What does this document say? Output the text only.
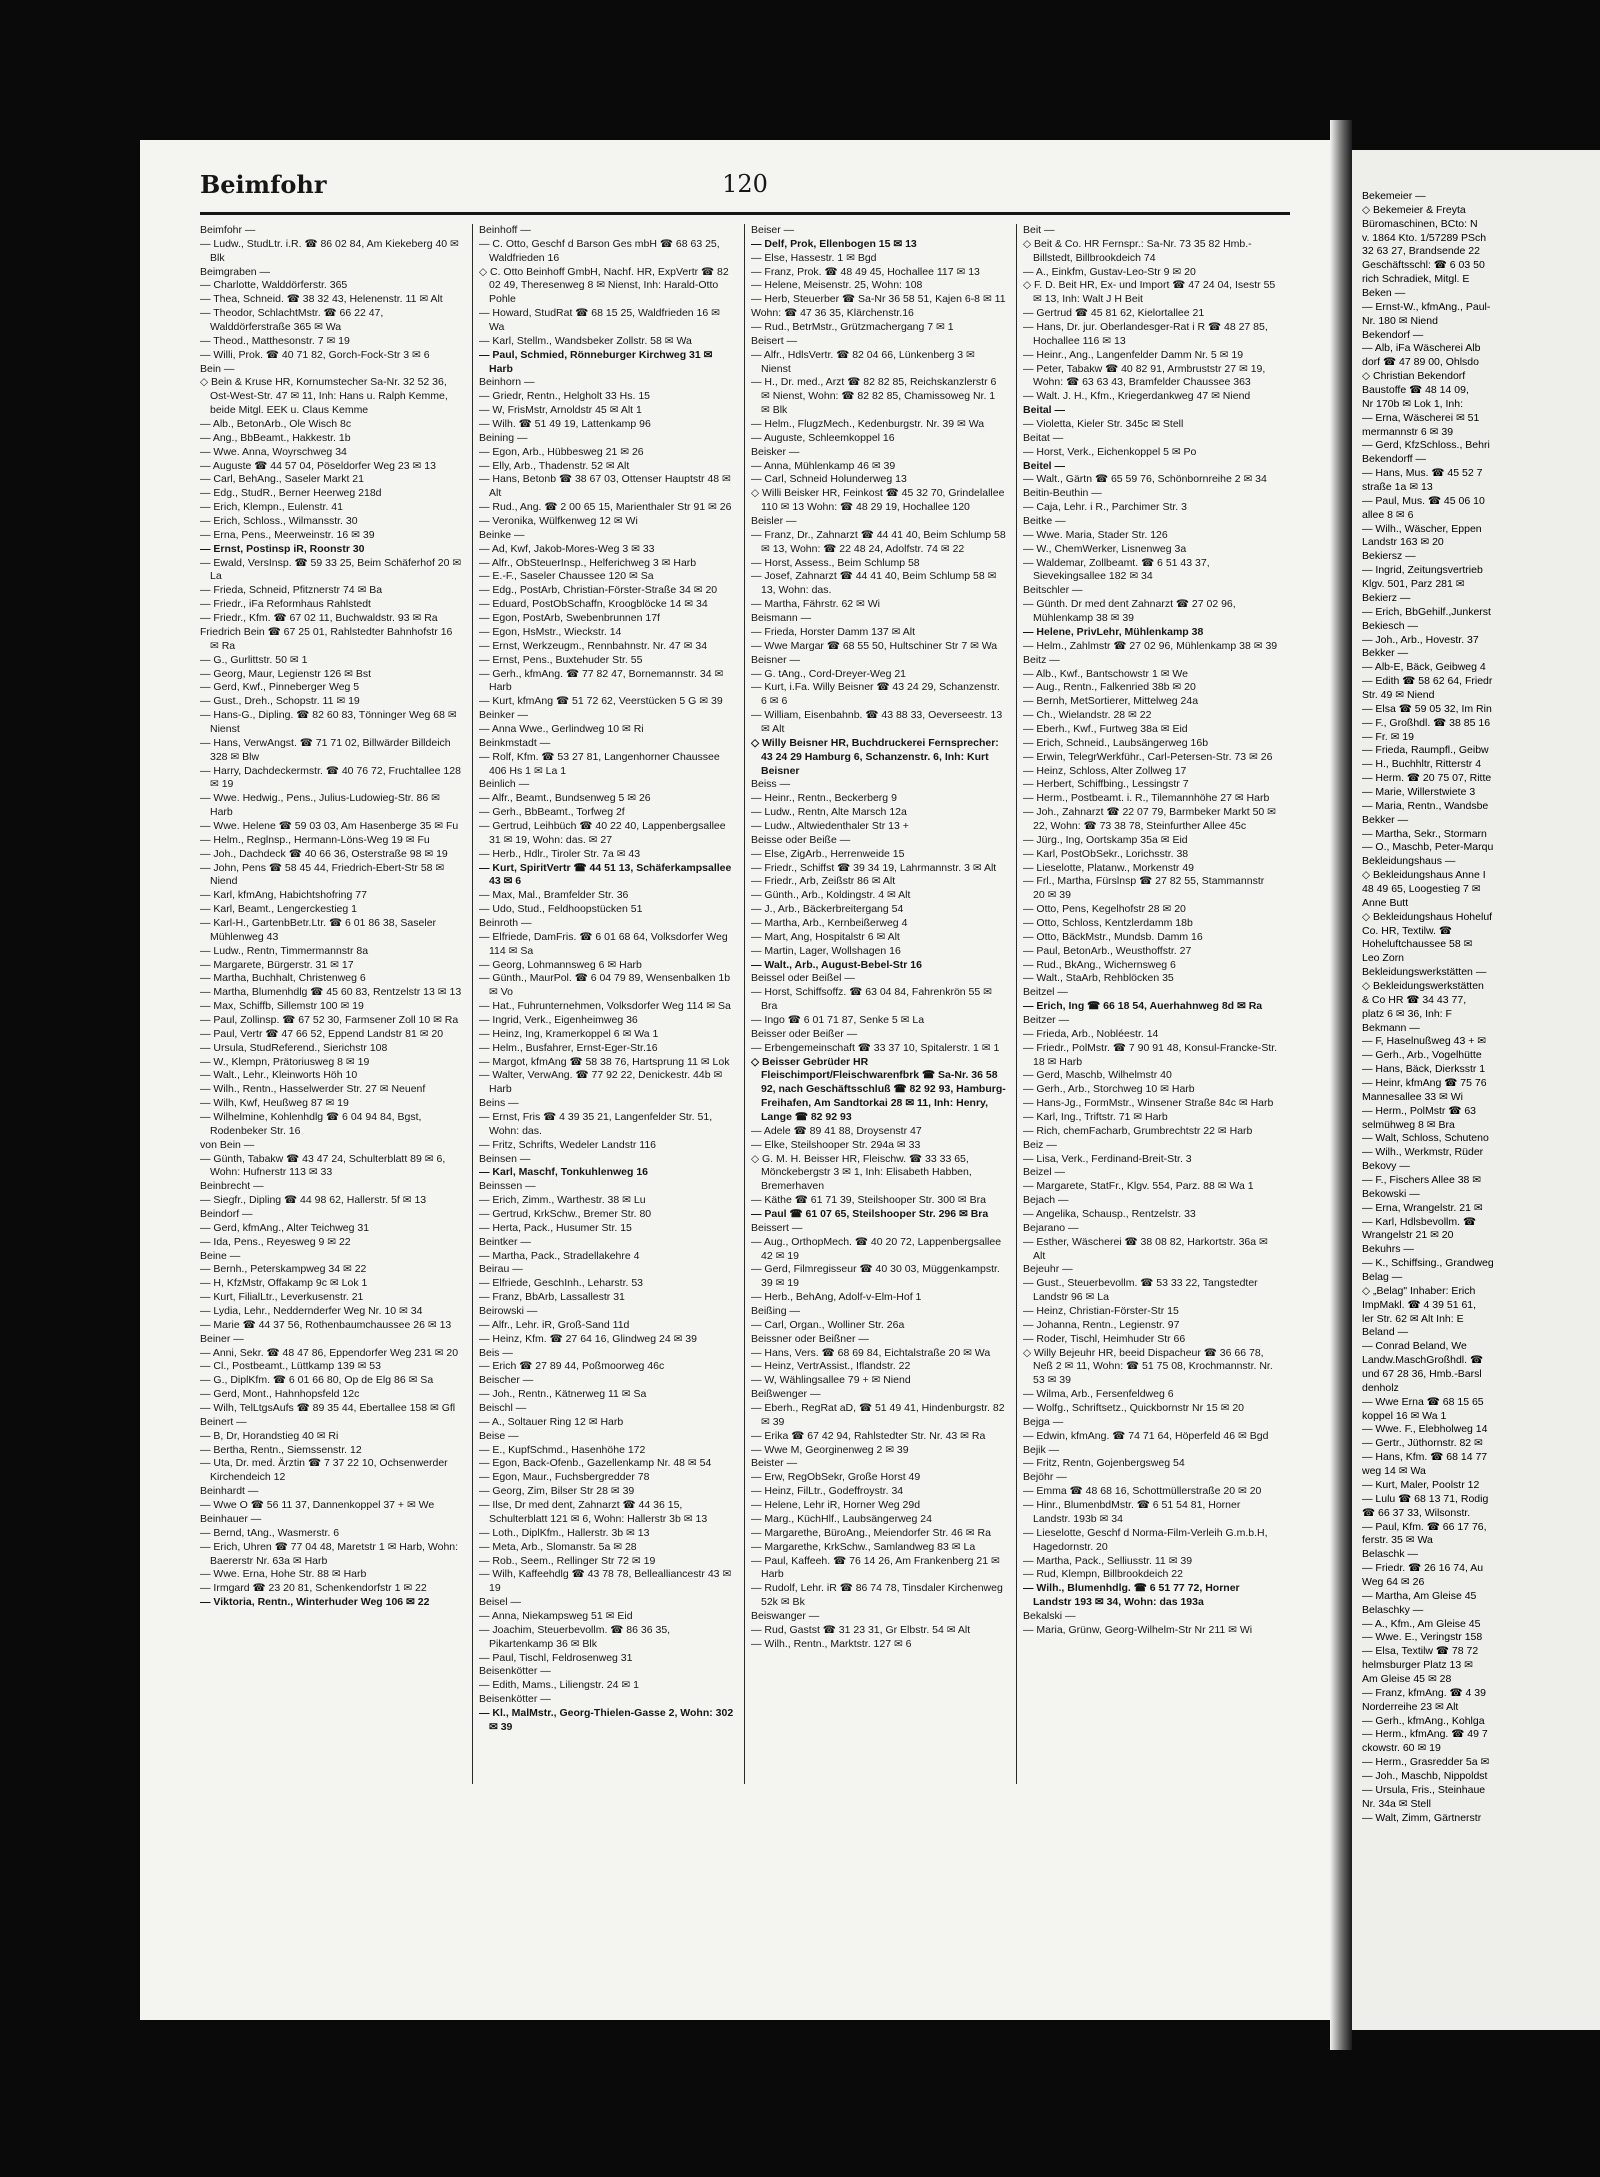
Beimfohr	120

Beimfohr —

— Ludw., StudLtr. i.R. ☎ 86 02 84, Am Kiekeberg 40 ✉ Blk

Beimgraben —

— Charlotte, Walddörferstr. 365

— Thea, Schneid. ☎ 38 32 43, Helenenstr. 11 ✉ Alt

— Theodor, SchlachtMstr. ☎ 66 22 47, Walddörferstraße 365 ✉ Wa

— Theod., Matthesonstr. 7 ✉ 19

— Willi, Prok. ☎ 40 71 82, Gorch-Fock-Str 3 ✉ 6

Bein —

◇ Bein & Kruse HR, Kornumstecher Sa-Nr. 32 52 36, Ost-West-Str. 47 ✉ 11, Inh: Hans u. Ralph Kemme, beide Mitgl. EEK u. Claus Kemme

— Alb., BetonArb., Ole Wisch 8c

— Ang., BbBeamt., Hakkestr. 1b

— Wwe. Anna, Woyrschweg 34

— Auguste ☎ 44 57 04, Pöseldorfer Weg 23 ✉ 13

— Carl, BehAng., Saseler Markt 21

— Edg., StudR., Berner Heerweg 218d

— Erich, Klempn., Eulenstr. 41

— Erich, Schloss., Wilmansstr. 30

— Erna, Pens., Meerweinstr. 16 ✉ 39

— Ernst, Postinsp iR, Roonstr 30

— Ewald, VersInsp. ☎ 59 33 25, Beim Schäferhof 20 ✉ La

— Frieda, Schneid, Pfitznerstr 74 ✉ Ba

— Friedr., iFa Reformhaus Rahlstedt

— Friedr., Kfm. ☎ 67 02 11, Buchwaldstr. 93 ✉ Ra

Friedrich Bein ☎ 67 25 01, Rahlstedter Bahnhofstr 16 ✉ Ra

— G., Gurlittstr. 50 ✉ 1

— Georg, Maur, Legienstr 126 ✉ Bst

— Gerd, Kwf., Pinneberger Weg 5

— Gust., Dreh., Schopstr. 11 ✉ 19

— Hans-G., Dipling. ☎ 82 60 83, Tönninger Weg 68 ✉ Nienst

— Hans, VerwAngst. ☎ 71 71 02, Billwärder Billdeich 328 ✉ Blw

— Harry, Dachdeckermstr. ☎ 40 76 72, Fruchtallee 128 ✉ 19

— Wwe. Hedwig., Pens., Julius-Ludowieg-Str. 86 ✉ Harb

— Wwe. Helene ☎ 59 03 03, Am Hasenberge 35 ✉ Fu

— Helm., Reglnsp., Hermann-Löns-Weg 19 ✉ Fu

— Joh., Dachdeck ☎ 40 66 36, Osterstraße 98 ✉ 19

— John, Pens ☎ 58 45 44, Friedrich-Ebert-Str 58 ✉ Niend

— Karl, kfmAng, Habichtshofring 77

— Karl, Beamt., Lengerckestieg 1

— Karl-H., GartenbBetr.Ltr. ☎ 6 01 86 38, Saseler Mühlenweg 43

— Ludw., Rentn, Timmermannstr 8a

— Margarete, Bürgerstr. 31 ✉ 17

— Martha, Buchhalt, Christenweg 6

— Martha, Blumenhdlg ☎ 45 60 83, Rentzelstr 13 ✉ 13

— Max, Schiffb, Sillemstr 100 ✉ 19

— Paul, Zollinsp. ☎ 67 52 30, Farmsener Zoll 10 ✉ Ra

— Paul, Vertr ☎ 47 66 52, Eppend Landstr 81 ✉ 20

— Ursula, StudReferend., Sierichstr 108

— W., Klempn, Prätoriusweg 8 ✉ 19

— Walt., Lehr., Kleinworts Höh 10

— Wilh., Rentn., Hasselwerder Str. 27 ✉ Neuenf

— Wilh, Kwf, Heußweg 87 ✉ 19

— Wilhelmine, Kohlenhdlg ☎ 6 04 94 84, Bgst, Rodenbeker Str. 16

von Bein —

— Günth, Tabakw ☎ 43 47 24, Schulterblatt 89 ✉ 6, Wohn: Hufnerstr 113 ✉ 33

Beinbrecht —

— Siegfr., Dipling ☎ 44 98 62, Hallerstr. 5f ✉ 13

Beindorf —

— Gerd, kfmAng., Alter Teichweg 31

— Ida, Pens., Reyesweg 9 ✉ 22

Beine —

— Bernh., Peterskampweg 34 ✉ 22

— H, KfzMstr, Offakamp 9c ✉ Lok 1

— Kurt, FilialLtr., Leverkusenstr. 21

— Lydia, Lehr., Neddernderfer Weg Nr. 10 ✉ 34

— Marie ☎ 44 37 56, Rothenbaumchaussee 26 ✉ 13

Beiner —

— Anni, Sekr. ☎ 48 47 86, Eppendorfer Weg 231 ✉ 20

— Cl., Postbeamt., Lüttkamp 139 ✉ 53

— G., DiplKfm. ☎ 6 01 66 80, Op de Elg 86 ✉ Sa

— Gerd, Mont., Hahnhopsfeld 12c

— Wilh, TelLtgsAufs ☎ 89 35 44, Ebertallee 158 ✉ Gfl

Beinert —

— B, Dr, Horandstieg 40 ✉ Ri

— Bertha, Rentn., Siemssenstr. 12

— Uta, Dr. med. Ärztin ☎ 7 37 22 10, Ochsenwerder Kirchendeich 12

Beinhardt —

— Wwe O ☎ 56 11 37, Dannenkoppel 37 + ✉ We

Beinhauer —

— Bernd, tAng., Wasmerstr. 6

— Erich, Uhren ☎ 77 04 48, Maretstr 1 ✉ Harb, Wohn: Baererstr Nr. 63a ✉ Harb

— Wwe. Erna, Hohe Str. 88 ✉ Harb

— Irmgard ☎ 23 20 81, Schenkendorfstr 1 ✉ 22

— Viktoria, Rentn., Winterhuder Weg 106 ✉ 22

Beinhoff —

— C. Otto, Geschf d Barson Ges mbH ☎ 68 63 25, Waldfrieden 16

◇ C. Otto Beinhoff GmbH, Nachf. HR, ExpVertr ☎ 82 02 49, Theresenweg 8 ✉ Nienst, Inh: Harald-Otto Pohle

— Howard, StudRat ☎ 68 15 25, Waldfrieden 16 ✉ Wa

— Karl, Stellm., Wandsbeker Zollstr. 58 ✉ Wa

— Paul, Schmied, Rönneburger Kirchweg 31 ✉ Harb

Beinhorn —

— Griedr, Rentn., Helgholt 33 Hs. 15

— W, FrisMstr, Arnoldstr 45 ✉ Alt 1

— Wilh. ☎ 51 49 19, Lattenkamp 96

Beining —

— Egon, Arb., Hübbesweg 21 ✉ 26

— Elly, Arb., Thadenstr. 52 ✉ Alt

— Hans, Betonb ☎ 38 67 03, Ottenser Hauptstr 48 ✉ Alt

— Rud., Ang. ☎ 2 00 65 15, Marienthaler Str 91 ✉ 26

— Veronika, Wülfkenweg 12 ✉ Wi

Beinke —

— Ad, Kwf, Jakob-Mores-Weg 3 ✉ 33

— Alfr., ObSteuerInsp., Helferichweg 3 ✉ Harb

— E.-F., Saseler Chaussee 120 ✉ Sa

— Edg., PostArb, Christian-Förster-Straße 34 ✉ 20

— Eduard, PostObSchaffn, Kroogblöcke 14 ✉ 34

— Egon, PostArb, Swebenbrunnen 17f

— Egon, HsMstr., Wieckstr. 14

— Ernst, Werkzeugm., Rennbahnstr. Nr. 47 ✉ 34

— Ernst, Pens., Buxtehuder Str. 55

— Gerh., kfmAng. ☎ 77 82 47, Bornemannstr. 34 ✉ Harb

— Kurt, kfmAng ☎ 51 72 62, Veerstücken 5 G ✉ 39

Beinker —

— Anna Wwe., Gerlindweg 10 ✉ Ri

Beinkmstadt —

— Rolf, Kfm. ☎ 53 27 81, Langenhorner Chaussee 406 Hs 1 ✉ La 1

Beinlich —

— Alfr., Beamt., Bundsenweg 5 ✉ 26

— Gerh., BbBeamt., Torfweg 2f

— Gertrud, Leihbüch ☎ 40 22 40, Lappenbergsallee 31 ✉ 19, Wohn: das. ✉ 27

— Herb., Hdlr., Tiroler Str. 7a ✉ 43

— Kurt, SpiritVertr ☎ 44 51 13, Schäferkampsallee 43 ✉ 6

— Max, Mal., Bramfelder Str. 36

— Udo, Stud., Feldhoopstücken 51

Beinroth —

— Elfriede, DamFris. ☎ 6 01 68 64, Volksdorfer Weg 114 ✉ Sa

— Georg, Lohmannsweg 6 ✉ Harb

— Günth., MaurPol. ☎ 6 04 79 89, Wensenbalken 1b ✉ Vo

— Hat., Fuhrunternehmen, Volksdorfer Weg 114 ✉ Sa

— Ingrid, Verk., Eigenheimweg 36

— Heinz, Ing, Kramerkoppel 6 ✉ Wa 1

— Helm., Busfahrer, Ernst-Eger-Str.16

— Margot, kfmAng ☎ 58 38 76, Hartsprung 11 ✉ Lok

— Walter, VerwAng. ☎ 77 92 22, Denickestr. 44b ✉ Harb

Beins —

— Ernst, Fris ☎ 4 39 35 21, Langenfelder Str. 51, Wohn: das.

— Fritz, Schrifts, Wedeler Landstr 116

Beinsen —

— Karl, Maschf, Tonkuhlenweg 16

Beinssen —

— Erich, Zimm., Warthestr. 38 ✉ Lu

— Gertrud, KrkSchw., Bremer Str. 80

— Herta, Pack., Husumer Str. 15

Beintker —

— Martha, Pack., Stradellakehre 4

Beirau —

— Elfriede, GeschInh., Leharstr. 53

— Franz, BbArb, Lassallestr 31

Beirowski —

— Alfr., Lehr. iR, Groß-Sand 11d

— Heinz, Kfm. ☎ 27 64 16, Glindweg 24 ✉ 39

Beis —

— Erich ☎ 27 89 44, Poßmoorweg 46c

Beischer —

— Joh., Rentn., Kätnerweg 11 ✉ Sa

Beischl —

— A., Soltauer Ring 12 ✉ Harb

Beise —

— E., KupfSchmd., Hasenhöhe 172

— Egon, Back-Ofenb., Gazellenkamp Nr. 48 ✉ 54

— Egon, Maur., Fuchsbergredder 78

— Georg, Zim, Bilser Str 28 ✉ 39

— Ilse, Dr med dent, Zahnarzt ☎ 44 36 15, Schulterblatt 121 ✉ 6, Wohn: Hallerstr 3b ✉ 13

— Loth., DiplKfm., Hallerstr. 3b ✉ 13

— Meta, Arb., Slomanstr. 5a ✉ 28

— Rob., Seem., Rellinger Str 72 ✉ 19

— Wilh, Kaffeehdlg ☎ 43 78 78, Bellealliancestr 43 ✉ 19

Beisel —

— Anna, Niekampsweg 51 ✉ Eid

— Joachim, Steuerbevollm. ☎ 86 36 35, Pikartenkamp 36 ✉ Blk

— Paul, Tischl, Feldrosenweg 31

Beisenkötter —

— Edith, Mams., Liliengstr. 24 ✉ 1

Beisenkötter —

— Kl., MalMstr., Georg-Thielen-Gasse 2, Wohn: 302 ✉ 39

Beiser —

— Delf, Prok, Ellenbogen 15 ✉ 13

— Else, Hassestr. 1 ✉ Bgd

— Franz, Prok. ☎ 48 49 45, Hochallee 117 ✉ 13

— Helene, Meisenstr. 25, Wohn: 108

— Herb, Steuerber ☎ Sa-Nr 36 58 51, Kajen 6-8 ✉ 11

Wohn: ☎ 47 36 35, Klärchenstr.16

— Rud., BetrMstr., Grützmachergang 7 ✉ 1

Beisert —

— Alfr., HdlsVertr. ☎ 82 04 66, Lünkenberg 3 ✉ Nienst

— H., Dr. med., Arzt ☎ 82 82 85, Reichskanzlerstr 6 ✉ Nienst, Wohn: ☎ 82 82 85, Chamissoweg Nr. 1 ✉ Blk

— Helm., FlugzMech., Kedenburgstr. Nr. 39 ✉ Wa

— Auguste, Schleemkoppel 16

Beisker —

— Anna, Mühlenkamp 46 ✉ 39

— Carl, Schneid Holunderweg 13

◇ Willi Beisker HR, Feinkost ☎ 45 32 70, Grindelallee 110 ✉ 13 Wohn: ☎ 48 29 19, Hochallee 120

Beisler —

— Franz, Dr., Zahnarzt ☎ 44 41 40, Beim Schlump 58 ✉ 13, Wohn: ☎ 22 48 24, Adolfstr. 74 ✉ 22

— Horst, Assess., Beim Schlump 58

— Josef, Zahnarzt ☎ 44 41 40, Beim Schlump 58 ✉ 13, Wohn: das.

— Martha, Fährstr. 62 ✉ Wi

Beismann —

— Frieda, Horster Damm 137 ✉ Alt

— Wwe Margar ☎ 68 55 50, Hultschiner Str 7 ✉ Wa

Beisner —

— G. tAng., Cord-Dreyer-Weg 21

— Kurt, i.Fa. Willy Beisner ☎ 43 24 29, Schanzenstr. 6 ✉ 6

— William, Eisenbahnb. ☎ 43 88 33, Oeverseestr. 13 ✉ Alt

◇ Willy Beisner HR, Buchdruckerei Fernsprecher: 43 24 29 Hamburg 6, Schanzenstr. 6, Inh: Kurt Beisner

Beiss —

— Heinr., Rentn., Beckerberg 9

— Ludw., Rentn, Alte Marsch 12a

— Ludw., Altwiedenthaler Str 13 +

Beisse oder Beiße —

— Else, ZigArb., Herrenweide 15

— Friedr., Schiffst ☎ 39 34 19, Lahrmannstr. 3 ✉ Alt

— Friedr., Arb, Zeißstr 86 ✉ Alt

— Günth., Arb., Koldingstr. 4 ✉ Alt

— J., Arb., Bäckerbreitergang 54

— Martha, Arb., Kernbeißerweg 4

— Mart, Ang, Hospitalstr 6 ✉ Alt

— Martin, Lager, Wollshagen 16

— Walt., Arb., August-Bebel-Str 16

Beissel oder Beißel —

— Horst, Schiffsoffz. ☎ 63 04 84, Fahrenkrön 55 ✉ Bra

— Ingo ☎ 6 01 71 87, Senke 5 ✉ La

Beisser oder Beißer —

— Erbengemeinschaft ☎ 33 37 10, Spitalerstr. 1 ✉ 1

◇ Beisser Gebrüder HR Fleischimport/Fleischwarenfbrk ☎ Sa-Nr. 36 58 92, nach Geschäftsschluß ☎ 82 92 93, Hamburg-Freihafen, Am Sandtorkai 28 ✉ 11, Inh: Henry, Lange ☎ 82 92 93

— Adele ☎ 89 41 88, Droysenstr 47

— Elke, Steilshooper Str. 294a ✉ 33

◇ G. M. H. Beisser HR, Fleischw. ☎ 33 33 65, Mönckebergstr 3 ✉ 1, Inh: Elisabeth Habben, Bremerhaven

— Käthe ☎ 61 71 39, Steilshooper Str. 300 ✉ Bra

— Paul ☎ 61 07 65, Steilshooper Str. 296 ✉ Bra

Beissert —

— Aug., OrthopMech. ☎ 40 20 72, Lappenbergsallee 42 ✉ 19

— Gerd, Filmregisseur ☎ 40 30 03, Müggenkampstr. 39 ✉ 19

— Herb., BehAng, Adolf-v-Elm-Hof 1

Beißing —

— Carl, Organ., Wolliner Str. 26a

Beissner oder Beißner —

— Hans, Vers. ☎ 68 69 84, Eichtalstraße 20 ✉ Wa

— Heinz, VertrAssist., Iflandstr. 22

— W, Wählingsallee 79 + ✉ Niend

Beißwenger —

— Eberh., RegRat aD, ☎ 51 49 41, Hindenburgstr. 82 ✉ 39

— Erika ☎ 67 42 94, Rahlstedter Str. Nr. 43 ✉ Ra

— Wwe M, Georginenweg 2 ✉ 39

Beister —

— Erw, RegObSekr, Große Horst 49

— Heinz, FilLtr., Godeffroystr. 34

— Helene, Lehr iR, Horner Weg 29d

— Marg., KüchHlf., Laubsängerweg 24

— Margarethe, BüroAng., Meiendorfer Str. 46 ✉ Ra

— Margarethe, KrkSchw., Samlandweg 83 ✉ La

— Paul, Kaffeeh. ☎ 76 14 26, Am Frankenberg 21 ✉ Harb

— Rudolf, Lehr. iR ☎ 86 74 78, Tinsdaler Kirchenweg 52k ✉ Bk

Beiswanger —

— Rud, Gastst ☎ 31 23 31, Gr Elbstr. 54 ✉ Alt

— Wilh., Rentn., Marktstr. 127 ✉ 6

Beit —

◇ Beit & Co. HR Fernspr.: Sa-Nr. 73 35 82 Hmb.-Billstedt, Billbrookdeich 74

— A., Einkfm, Gustav-Leo-Str 9 ✉ 20

◇ F. D. Beit HR, Ex- und Import ☎ 47 24 04, Isestr 55 ✉ 13, Inh: Walt J H Beit

— Gertrud ☎ 45 81 62, Kielortallee 21

— Hans, Dr. jur. Oberlandesger-Rat i R ☎ 48 27 85, Hochallee 116 ✉ 13

— Heinr., Ang., Langenfelder Damm Nr. 5 ✉ 19

— Peter, Tabakw ☎ 40 82 91, Armbruststr 27 ✉ 19, Wohn: ☎ 63 63 43, Bramfelder Chaussee 363

— Walt. J. H., Kfm., Kriegerdankweg 47 ✉ Niend

Beital —

— Violetta, Kieler Str. 345c ✉ Stell

Beitat —

— Horst, Verk., Eichenkoppel 5 ✉ Po

Beitel —

— Walt., Gärtn ☎ 65 59 76, Schönbornreihe 2 ✉ 34

Beitin-Beuthin —

— Caja, Lehr. i R., Parchimer Str. 3

Beitke —

— Wwe. Maria, Stader Str. 126

— W., ChemWerker, Lisnenweg 3a

— Waldemar, Zollbeamt. ☎ 6 51 43 37, Sievekingsallee 182 ✉ 34

Beitschler —

— Günth. Dr med dent Zahnarzt ☎ 27 02 96, Mühlenkamp 38 ✉ 39

— Helene, PrivLehr, Mühlenkamp 38

— Helm., Zahlmstr ☎ 27 02 96, Mühlenkamp 38 ✉ 39

Beitz —

— Alb., Kwf., Bantschowstr 1 ✉ We

— Aug., Rentn., Falkenried 38b ✉ 20

— Bernh, MetSortierer, Mittelweg 24a

— Ch., Wielandstr. 28 ✉ 22

— Eberh., Kwf., Furtweg 38a ✉ Eid

— Erich, Schneid., Laubsängerweg 16b

— Erwin, TelegrWerkführ., Carl-Petersen-Str. 73 ✉ 26

— Heinz, Schloss, Alter Zollweg 17

— Herbert, Schiffbing., Lessingstr 7

— Herm., Postbeamt. i. R., Tilemannhöhe 27 ✉ Harb

— Joh., Zahnarzt ☎ 22 07 79, Barmbeker Markt 50 ✉ 22, Wohn: ☎ 73 38 78, Steinfurther Allee 45c

— Jürg., Ing, Oortskamp 35a ✉ Eid

— Karl, PostObSekr., Lorichsstr. 38

— Lieselotte, Platanw., Morkenstr 49

— Frl., Martha, Fürslnsp ☎ 27 82 55, Stammannstr 20 ✉ 39

— Otto, Pens, Kegelhofstr 28 ✉ 20

— Otto, Schloss, Kentzlerdamm 18b

— Otto, BäckMstr., Mundsb. Damm 16

— Paul, BetonArb., Weusthoffstr. 27

— Rud., BkAng., Wichernsweg 6

— Walt., StaArb, Rehblöcken 35

Beitzel —

— Erich, Ing ☎ 66 18 54, Auerhahnweg 8d ✉ Ra

Beitzer —

— Frieda, Arb., Nobléestr. 14

— Friedr., PolMstr. ☎ 7 90 91 48, Konsul-Francke-Str. 18 ✉ Harb

— Gerd, Maschb, Wilhelmstr 40

— Gerh., Arb., Storchweg 10 ✉ Harb

— Hans-Jg., FormMstr., Winsener Straße 84c ✉ Harb

— Karl, Ing., Triftstr. 71 ✉ Harb

— Rich, chemFacharb, Grumbrechtstr 22 ✉ Harb

Beiz —

— Lisa, Verk., Ferdinand-Breit-Str. 3

Beizel —

— Margarete, StatFr., Klgv. 554, Parz. 88 ✉ Wa 1

Bejach —

— Angelika, Schausp., Rentzelstr. 33

Bejarano —

— Esther, Wäscherei ☎ 38 08 82, Harkortstr. 36a ✉ Alt

Bejeuhr —

— Gust., Steuerbevollm. ☎ 53 33 22, Tangstedter Landstr 96 ✉ La

— Heinz, Christian-Förster-Str 15

— Johanna, Rentn., Legienstr. 97

— Roder, Tischl, Heimhuder Str 66

◇ Willy Bejeuhr HR, beeid Dispacheur ☎ 36 66 78, Neß 2 ✉ 11, Wohn: ☎ 51 75 08, Krochmannstr. Nr. 53 ✉ 39

— Wilma, Arb., Fersenfeldweg 6

— Wolfg., Schriftsetz., Quickbornstr Nr 15 ✉ 20

Bejga —

— Edwin, kfmAng. ☎ 74 71 64, Höperfeld 46 ✉ Bgd

Bejik —

— Fritz, Rentn, Gojenbergsweg 54

Bejöhr —

— Emma ☎ 48 68 16, Schottmüllerstraße 20 ✉ 20

— Hinr., BlumenbdMstr. ☎ 6 51 54 81, Horner Landstr. 193b ✉ 34

— Lieselotte, Geschf d Norma-Film-Verleih G.m.b.H, Hagedornstr. 20

— Martha, Pack., Selliusstr. 11 ✉ 39

— Rud, Klempn, Billbrookdeich 22

— Wilh., Blumenhdlg. ☎ 6 51 77 72, Horner Landstr 193 ✉ 34, Wohn: das 193a

Bekalski —

— Maria, Grünw, Georg-Wilhelm-Str Nr 211 ✉ Wi

Bekemeier —
◇ Bekemeier & Freyta
Büromaschinen, BCto: N
v. 1864 Kto. 1/57289 PSch
32 63 27, Brandsende 22
Geschäftsschl: ☎ 6 03 50
rich Schradiek, Mitgl. E
Beken —
— Ernst-W., kfmAng., Paul-
Nr. 180 ✉ Niend
Bekendorf —
— Alb, iFa Wäscherei Alb
dorf ☎ 47 89 00, Ohlsdo
◇ Christian Bekendorf
Baustoffe ☎ 48 14 09,
Nr 170b ✉ Lok 1, Inh:
— Erna, Wäscherei ✉ 51
mermannstr 6 ✉ 39
— Gerd, KfzSchloss., Behri
Bekendorff —
— Hans, Mus. ☎ 45 52 7
straße 1a ✉ 13
— Paul, Mus. ☎ 45 06 10
allee 8 ✉ 6
— Wilh., Wäscher, Eppen
Landstr 163 ✉ 20
Bekiersz —
— Ingrid, Zeitungsvertrieb
Klgv. 501, Parz 281 ✉
Bekierz —
— Erich, BbGehilf.,Junkerst
Bekiesch —
— Joh., Arb., Hovestr. 37
Bekker —
— Alb-E, Bäck, Geibweg 4
— Edith ☎ 58 62 64, Friedr
Str. 49 ✉ Niend
— Elsa ☎ 59 05 32, Im Rin
— F., Großhdl. ☎ 38 85 16
— Fr. ✉ 19
— Frieda, Raumpfl., Geibw
— H., Buchhltr, Ritterstr 4
— Herm. ☎ 20 75 07, Ritte
— Marie, Willerstwiete 3
— Maria, Rentn., Wandsbe
Bekker —
— Martha, Sekr., Stormarn
— O., Maschb, Peter-Marqu
Bekleidungshaus —
◇ Bekleidungshaus Anne I
48 49 65, Loogestieg 7 ✉
Anne Butt
◇ Bekleidungshaus Hoheluf
Co. HR, Textilw. ☎
Hoheluftchaussee 58 ✉
Leo Zorn
Bekleidungswerkstätten —
◇ Bekleidungswerkstätten
& Co HR ☎ 34 43 77,
platz 6 ✉ 36, Inh: F
Bekmann —
— F, Haselnußweg 43 + ✉
— Gerh., Arb., Vogelhütte
— Hans, Bäck, Dierksstr 1
— Heinr, kfmAng ☎ 75 76
Mannesallee 33 ✉ Wi
— Herm., PolMstr ☎ 63
selmühweg 8 ✉ Bra
— Walt, Schloss, Schuteno
— Wilh., Werkmstr, Rüder
Bekovy —
— F., Fischers Allee 38 ✉
Bekowski —
— Erna, Wrangelstr. 21 ✉
— Karl, Hdlsbevollm. ☎
Wrangelstr 21 ✉ 20
Bekuhrs —
— K., Schiffsing., Grandweg
Belag —
◇ „Belag" Inhaber: Erich
ImpMakl. ☎ 4 39 51 61,
ler Str. 62 ✉ Alt Inh: E
Beland —
— Conrad Beland, We
Landw.MaschGroßhdl. ☎
und 67 28 36, Hmb.-Barsl
denholz
— Wwe Erna ☎ 68 15 65
koppel 16 ✉ Wa 1
— Wwe. F., Elebholweg 14
— Gertr., Jüthornstr. 82 ✉
— Hans, Kfm. ☎ 68 14 77
weg 14 ✉ Wa
— Kurt, Maler, Poolstr 12
— Lulu ☎ 68 13 71, Rodig
☎ 66 37 33, Wilsonstr.
— Paul, Kfm. ☎ 66 17 76,
ferstr. 35 ✉ Wa
Belaschk —
— Friedr. ☎ 26 16 74, Au
Weg 64 ✉ 26
— Martha, Am Gleise 45
Belaschky —
— A., Kfm., Am Gleise 45
— Wwe. E., Veringstr 158
— Elsa, Textilw ☎ 78 72
helmsburger Platz 13 ✉
Am Gleise 45 ✉ 28
— Franz, kfmAng. ☎ 4 39
Norderreihe 23 ✉ Alt
— Gerh., kfmAng., Kohlga
— Herm., kfmAng. ☎ 49 7
ckowstr. 60 ✉ 19
— Herm., Grasredder 5a ✉
— Joh., Maschb, Nippoldst
— Ursula, Fris., Steinhaue
Nr. 34a ✉ Stell
— Walt, Zimm, Gärtnerstr
